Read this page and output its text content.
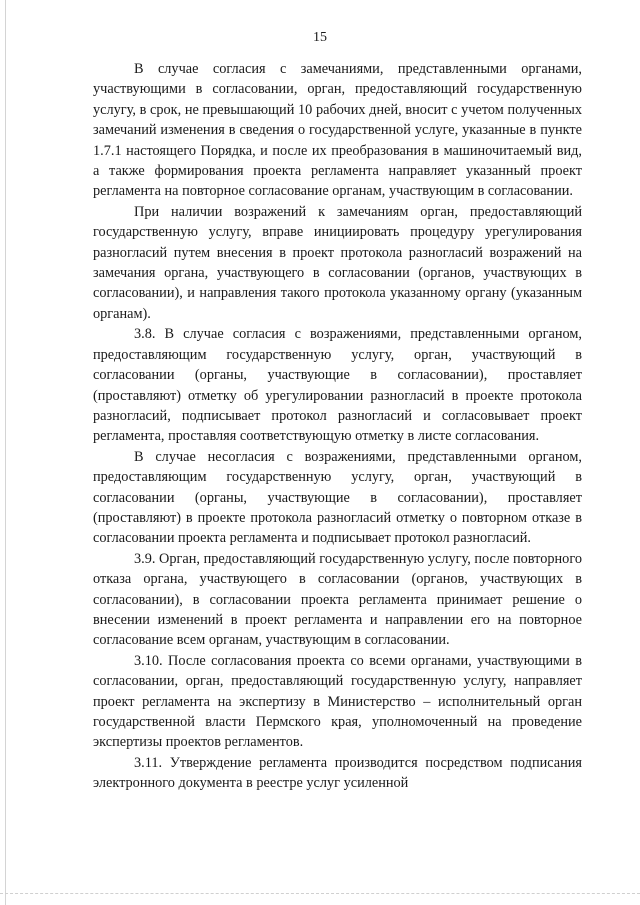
15

В случае согласия с замечаниями, представленными органами, участвующими в согласовании, орган, предоставляющий государственную услугу, в срок, не превышающий 10 рабочих дней, вносит с учетом полученных замечаний изменения в сведения о государственной услуге, указанные в пункте 1.7.1 настоящего Порядка, и после их преобразования в машиночитаемый вид, а также формирования проекта регламента направляет указанный проект регламента на повторное согласование органам, участвующим в согласовании.

При наличии возражений к замечаниям орган, предоставляющий государственную услугу, вправе инициировать процедуру урегулирования разногласий путем внесения в проект протокола разногласий возражений на замечания органа, участвующего в согласовании (органов, участвующих в согласовании), и направления такого протокола указанному органу (указанным органам).

3.8. В случае согласия с возражениями, представленными органом, предоставляющим государственную услугу, орган, участвующий в согласовании (органы, участвующие в согласовании), проставляет (проставляют) отметку об урегулировании разногласий в проекте протокола разногласий, подписывает протокол разногласий и согласовывает проект регламента, проставляя соответствующую отметку в листе согласования.

В случае несогласия с возражениями, представленными органом, предоставляющим государственную услугу, орган, участвующий в согласовании (органы, участвующие в согласовании), проставляет (проставляют) в проекте протокола разногласий отметку о повторном отказе в согласовании проекта регламента и подписывает протокол разногласий.

3.9. Орган, предоставляющий государственную услугу, после повторного отказа органа, участвующего в согласовании (органов, участвующих в согласовании), в согласовании проекта регламента принимает решение о внесении изменений в проект регламента и направлении его на повторное согласование всем органам, участвующим в согласовании.

3.10. После согласования проекта со всеми органами, участвующими в согласовании, орган, предоставляющий государственную услугу, направляет проект регламента на экспертизу в Министерство – исполнительный орган государственной власти Пермского края, уполномоченный на проведение экспертизы проектов регламентов.

3.11. Утверждение регламента производится посредством подписания электронного документа в реестре услуг усиленной
